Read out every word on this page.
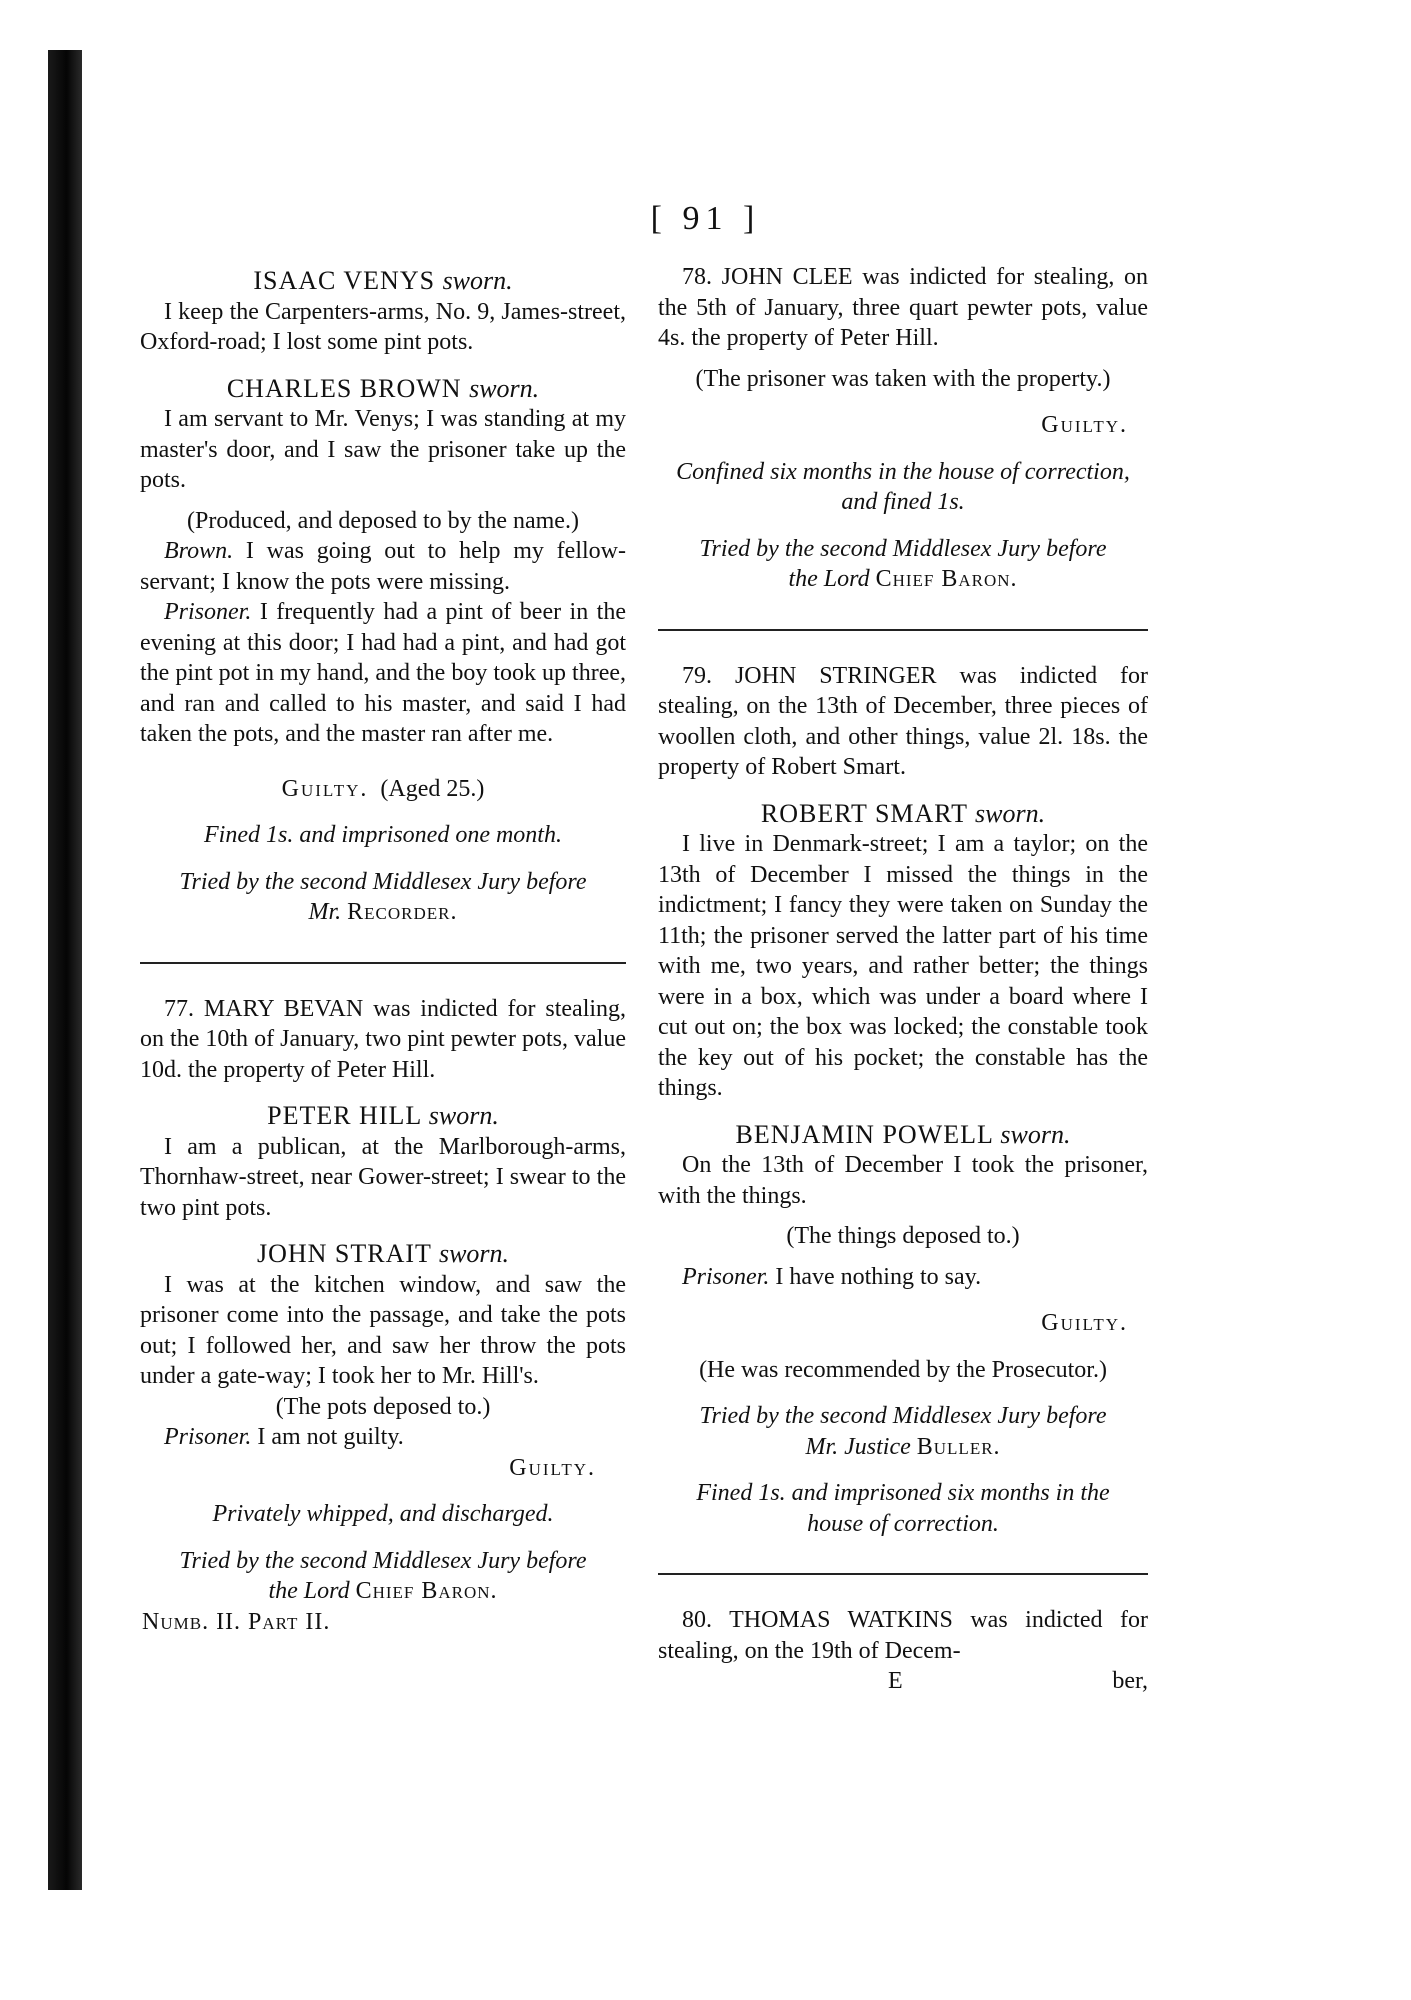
[ 91 ]

ISAAC VENYS sworn.

I keep the Carpenters-arms, No. 9, James-street, Oxford-road; I lost some pint pots.

CHARLES BROWN sworn.

I am servant to Mr. Venys; I was standing at my master's door, and I saw the prisoner take up the pots.

(Produced, and deposed to by the name.)

Brown. I was going out to help my fellow-servant; I know the pots were missing.

Prisoner. I frequently had a pint of beer in the evening at this door; I had had a pint, and had got the pint pot in my hand, and the boy took up three, and ran and called to his master, and said I had taken the pots, and the master ran after me.

Guilty. (Aged 25.)

Fined 1s. and imprisoned one month.

Tried by the second Middlesex Jury before

Mr. Recorder.

77. MARY BEVAN was indicted for stealing, on the 10th of January, two pint pewter pots, value 10d. the property of Peter Hill.

PETER HILL sworn.

I am a publican, at the Marlborough-arms, Thornhaw-street, near Gower-street; I swear to the two pint pots.

JOHN STRAIT sworn.

I was at the kitchen window, and saw the prisoner come into the passage, and take the pots out; I followed her, and saw her throw the pots under a gate-way; I took her to Mr. Hill's.

(The pots deposed to.)

Prisoner. I am not guilty.

Guilty.

Privately whipped, and discharged.

Tried by the second Middlesex Jury before

the Lord Chief Baron.

Numb. II. Part II.

78. JOHN CLEE was indicted for stealing, on the 5th of January, three quart pewter pots, value 4s. the property of Peter Hill.

(The prisoner was taken with the property.)

Guilty.

Confined six months in the house of correction,

and fined 1s.

Tried by the second Middlesex Jury before

the Lord Chief Baron.

79. JOHN STRINGER was indicted for stealing, on the 13th of December, three pieces of woollen cloth, and other things, value 2l. 18s. the property of Robert Smart.

ROBERT SMART sworn.

I live in Denmark-street; I am a taylor; on the 13th of December I missed the things in the indictment; I fancy they were taken on Sunday the 11th; the prisoner served the latter part of his time with me, two years, and rather better; the things were in a box, which was under a board where I cut out on; the box was locked; the constable took the key out of his pocket; the constable has the things.

BENJAMIN POWELL sworn.

On the 13th of December I took the prisoner, with the things.

(The things deposed to.)

Prisoner. I have nothing to say.

Guilty.

(He was recommended by the Prosecutor.)

Tried by the second Middlesex Jury before

Mr. Justice Buller.

Fined 1s. and imprisoned six months in the

house of correction.

80. THOMAS WATKINS was indicted for stealing, on the 19th of Decem-

E	ber,
